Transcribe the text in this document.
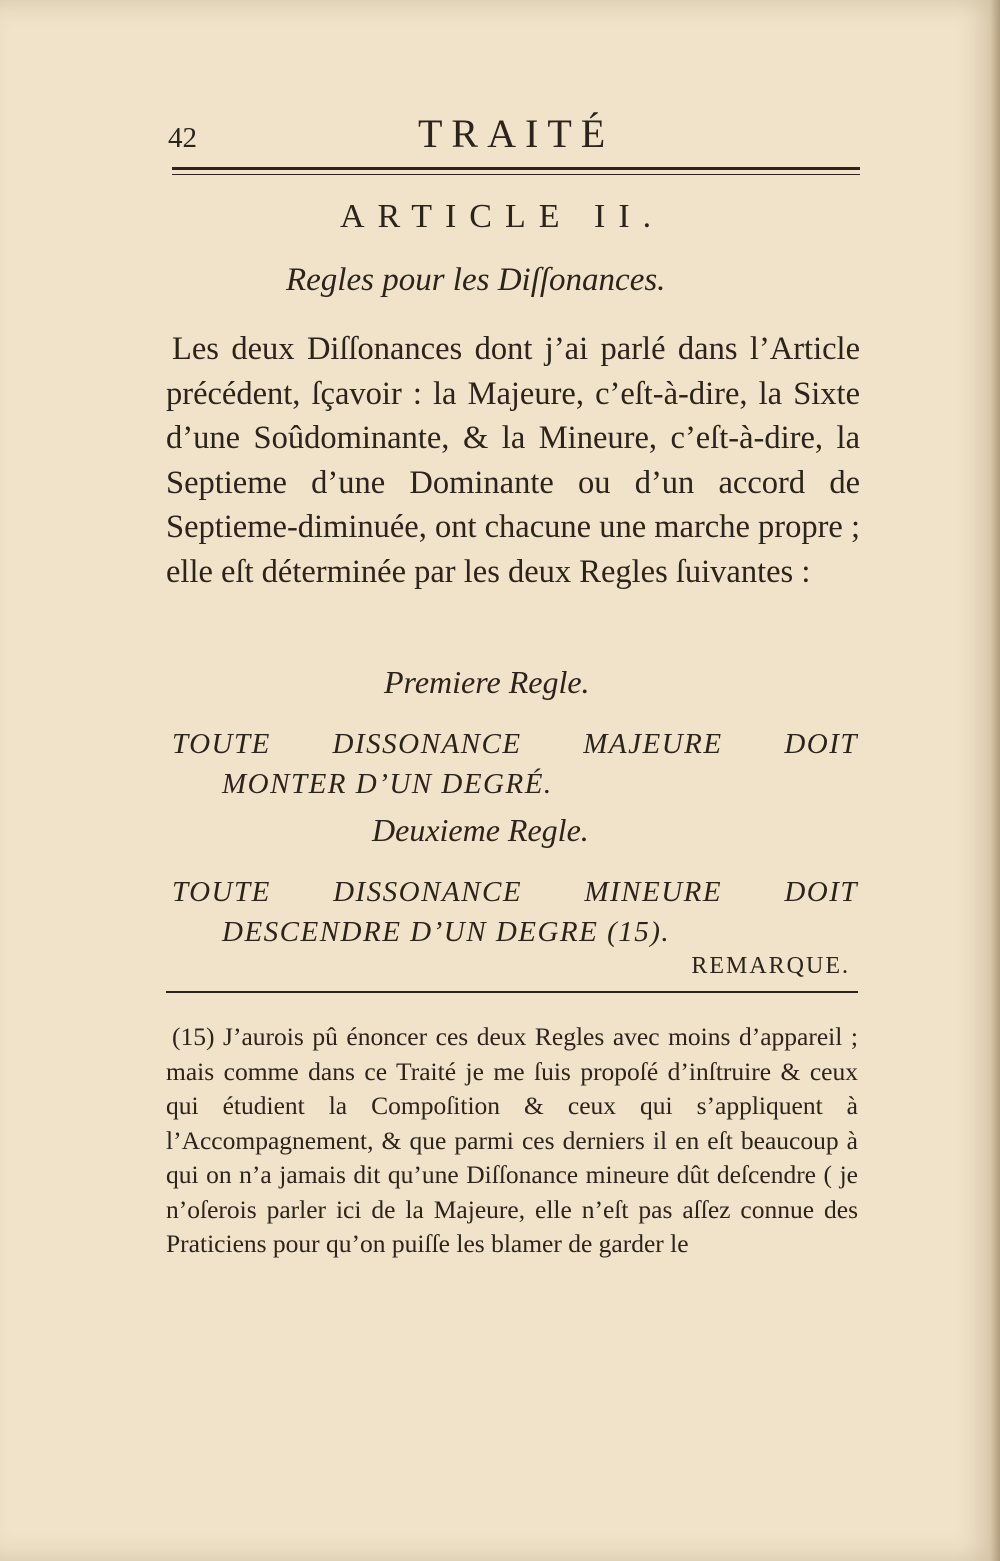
42	TRAITÉ
ARTICLE II.
Regles pour les Diſſonances.

Les deux Diſſonances dont j’ai parlé dans l’Article précédent, ſçavoir : la Majeure, c’eſt-à-dire, la Sixte d’une Soûdominante, & la Mineure, c’eſt-à-dire, la Septieme d’une Dominante ou d’un accord de Septieme-diminuée, ont chacune une marche propre ; elle eſt déterminée par les deux Regles ſuivantes :

Premiere Regle.
TOUTE DISSONANCE MAJEURE DOIT
MONTER D’UN DEGRÉ.
Deuxieme Regle.
TOUTE DISSONANCE MINEURE DOIT
DESCENDRE D’UN DEGRE (15).
REMARQUE.

(15) J’aurois pû énoncer ces deux Regles avec moins d’appareil ; mais comme dans ce Traité je me ſuis propoſé d’inſtruire & ceux qui étudient la Compoſition & ceux qui s’appliquent à l’Accompagnement, & que parmi ces derniers il en eſt beaucoup à qui on n’a jamais dit qu’une Diſſonance mineure dût deſcendre ( je n’oſerois parler ici de la Majeure, elle n’eſt pas aſſez connue des Praticiens pour qu’on puiſſe les blamer de garder le
